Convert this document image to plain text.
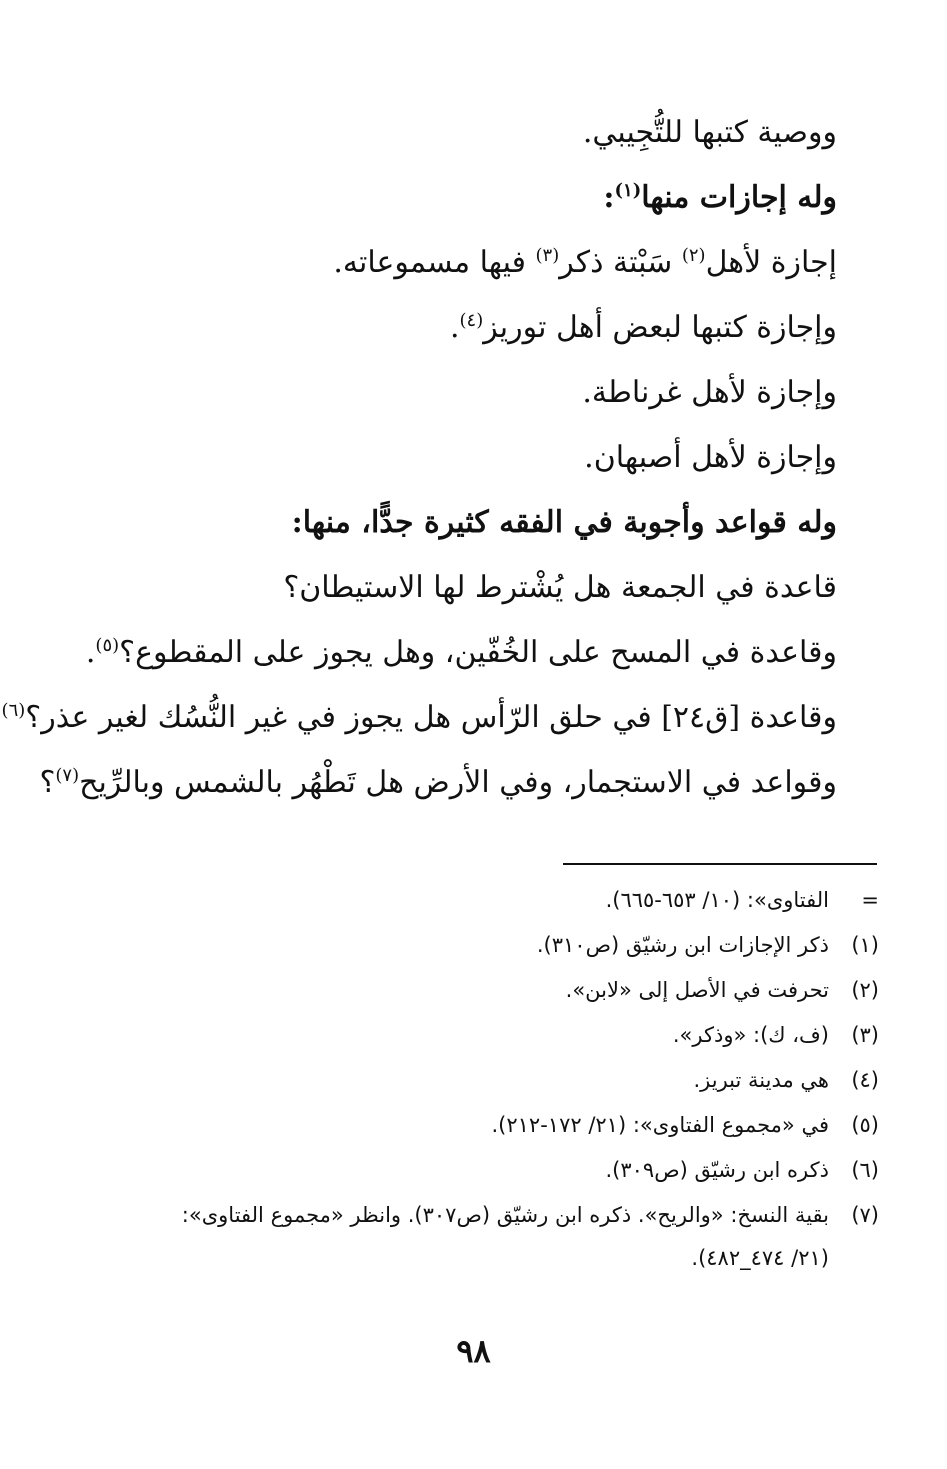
ووصية كتبها للتُّجِيبي.
وله إجازات منها$^{(١)}$:
إجازة لأهل$^{(٢)}$ سَبْتة ذكر$^{(٣)}$ فيها مسموعاته.
وإجازة كتبها لبعض أهل توريز$^{(٤)}$.
وإجازة لأهل غرناطة.
وإجازة لأهل أصبهان.
وله قواعد وأجوبة في الفقه كثيرة جدًّا، منها:
قاعدة في الجمعة هل يُشْترط لها الاستيطان؟
وقاعدة في المسح على الخُفّين، وهل يجوز على المقطوع؟$^{(٥)}$.
وقاعدة [ق٢٤] في حلق الرّأس هل يجوز في غير النُّسُك لغير عذر؟$^{(٦)}$
وقواعد في الاستجمار، وفي الأرض هل تَطْهُر بالشمس وبالرِّيح$^{(٧)}$؟
=
الفتاوى»: (١٠/ ٦٥٣-٦٦٥).
(١)
ذكر الإجازات ابن رشيّق (ص٣١٠).
(٢)
تحرفت في الأصل إلى «لابن».
(٣)
(ف، ك): «وذكر».
(٤)
هي مدينة تبريز.
(٥)
في «مجموع الفتاوى»: (٢١/ ١٧٢-٢١٢).
(٦)
ذكره ابن رشيّق (ص٣٠٩).
(٧)
بقية النسخ: «والريح». ذكره ابن رشيّق (ص٣٠٧). وانظر «مجموع الفتاوى»:
(٢١/ ٤٧٤_٤٨٢).
٩٨
